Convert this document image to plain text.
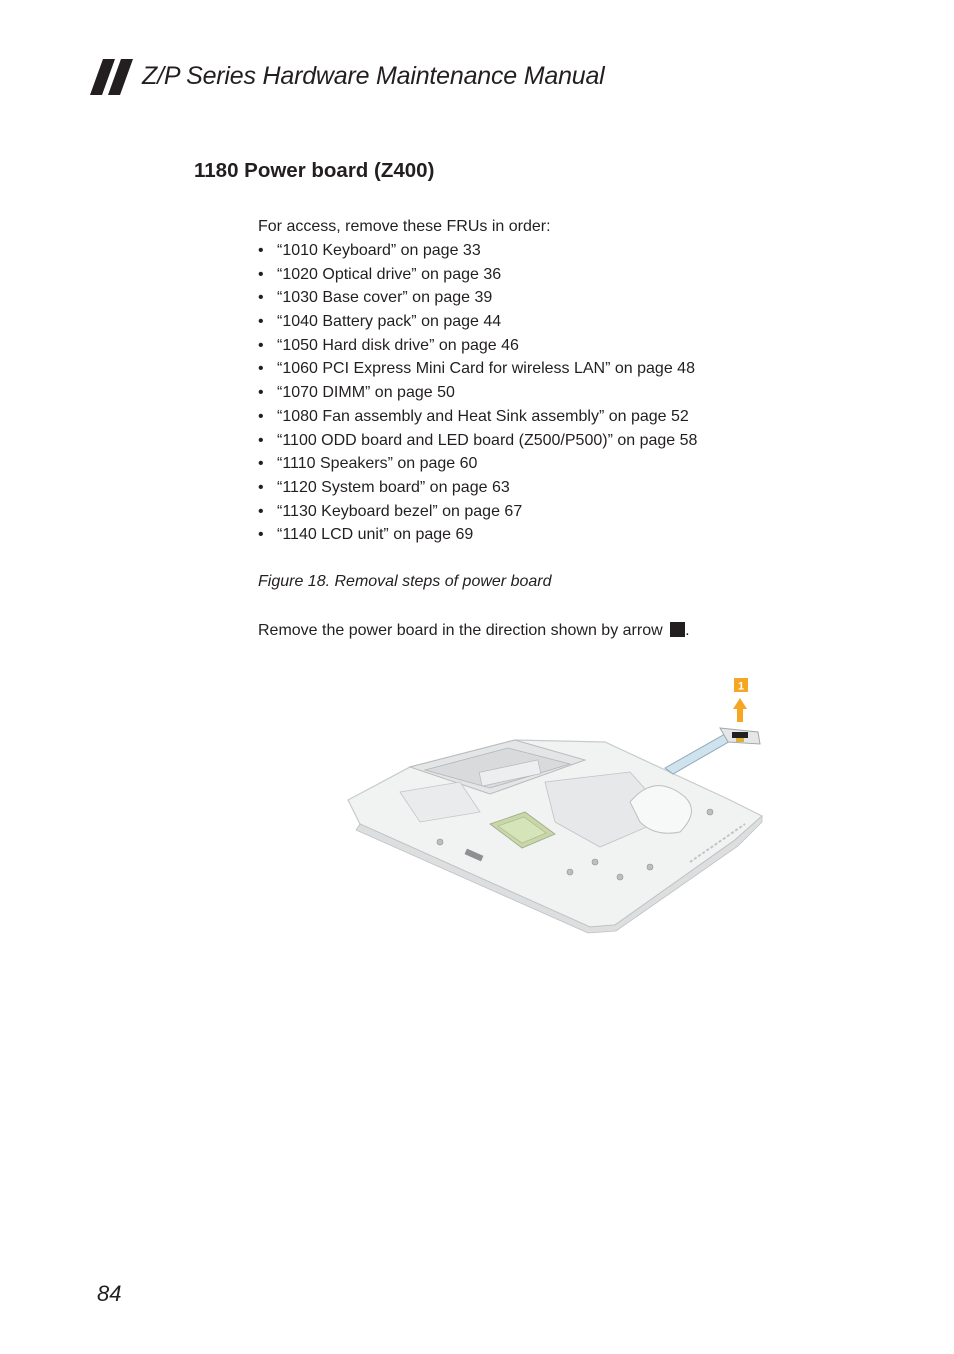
Z/P Series Hardware Maintenance Manual
1180 Power board (Z400)
For access, remove these FRUs in order:
• “1010 Keyboard” on page 33
• “1020 Optical drive” on page 36
• “1030 Base cover” on page 39
• “1040 Battery pack” on page 44
• “1050 Hard disk drive” on page 46
• “1060 PCI Express Mini Card for wireless LAN” on page 48
• “1070 DIMM” on page 50
• “1080 Fan assembly and Heat Sink assembly” on page 52
• “1100 ODD board and LED board (Z500/P500)” on page 58
• “1110 Speakers” on page 60
• “1120 System board” on page 63
• “1130 Keyboard bezel” on page 67
• “1140 LCD unit” on page 69
Figure 18. Removal steps of power board
Remove the power board in the direction shown by arrow .
1
84
